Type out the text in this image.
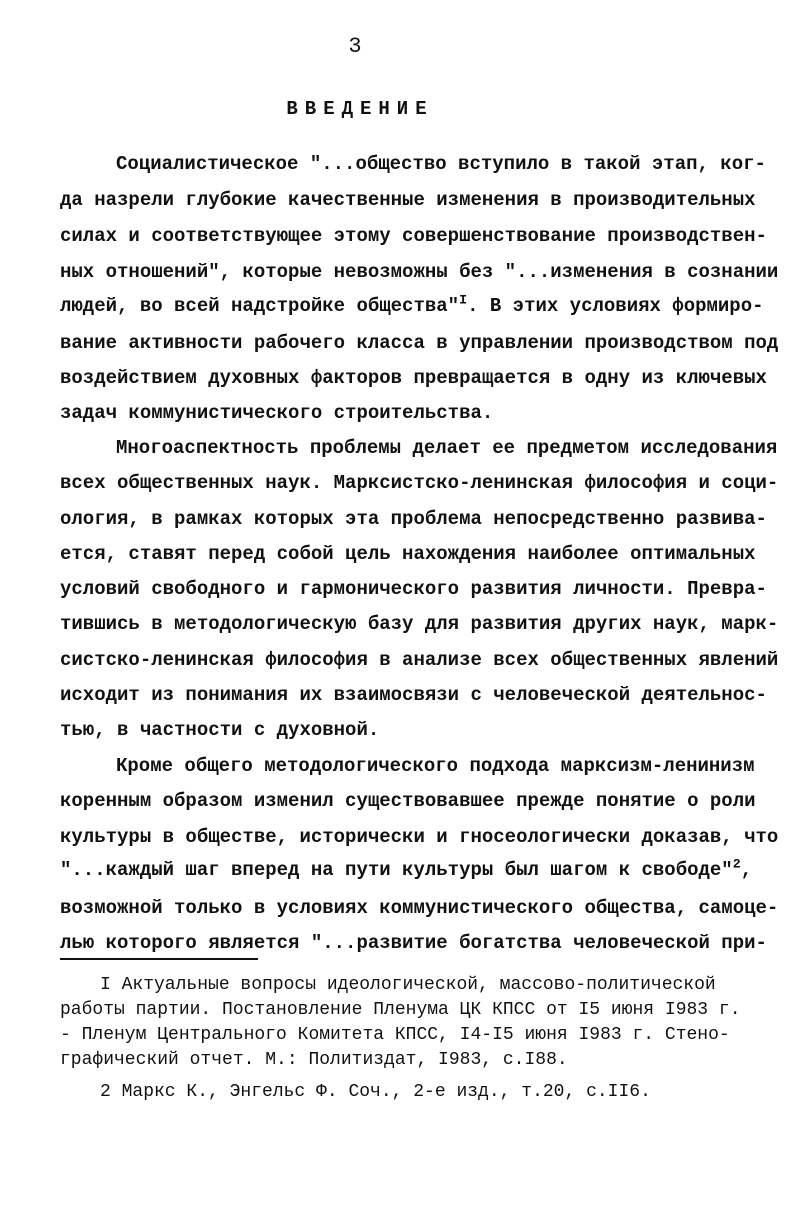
3
ВВЕДЕНИЕ
Социалистическое "...общество вступило в такой этап, ког-
да назрели глубокие качественные изменения в производительных
силах и соответствующее этому совершенствование производствен-
ных отношений", которые невозможны без "...изменения в сознании
людей, во всей надстройке общества"$^I$. В этих условиях формиро-
вание активности рабочего класса в управлении производством под
воздействием духовных факторов превращается в одну из ключевых
задач коммунистического строительства.
Многоаспектность проблемы делает ее предметом исследования
всех общественных наук. Марксистско-ленинская философия и соци-
ология, в рамках которых эта проблема непосредственно развива-
ется, ставят перед собой цель нахождения наиболее оптимальных
условий свободного и гармонического развития личности. Превра-
тившись в методологическую базу для развития других наук, марк-
систско-ленинская философия в анализе всех общественных явлений
исходит из понимания их взаимосвязи с человеческой деятельнос-
тью, в частности с духовной.
Кроме общего методологического подхода марксизм-ленинизм
коренным образом изменил существовавшее прежде понятие о роли
культуры в обществе, исторически и гносеологически доказав, что
"...каждый шаг вперед на пути культуры был шагом к свободе"$^2$,
возможной только в условиях коммунистического общества, самоце-
лью которого является "...развитие богатства человеческой при-
I Актуальные вопросы идеологической, массово-политической
работы партии. Постановление Пленума ЦК КПСС от I5 июня I983 г.
- Пленум Центрального Комитета КПСС, I4-I5 июня I983 г. Стено-
графический отчет. М.: Политиздат, I983, с.I88.
2 Маркс К., Энгельс Ф. Соч., 2-е изд., т.20, с.II6.
